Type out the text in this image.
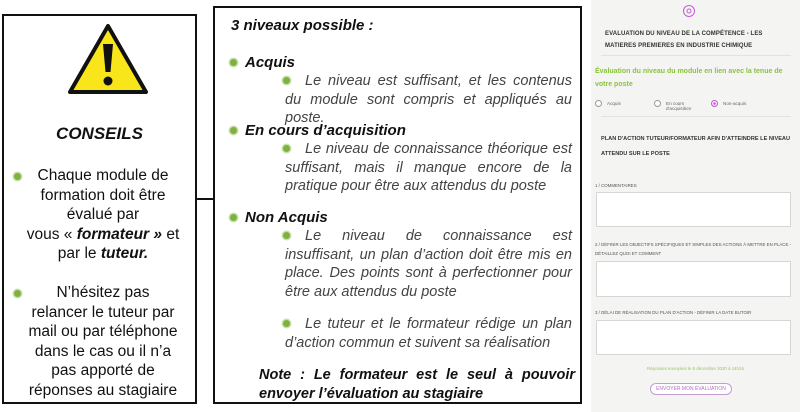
CONSEILS
Chaque module de
formation doit être
évalué par
vous « formateur » et
par le tuteur.
N’hésitez pas
relancer le tuteur par
mail ou par téléphone
dans le cas ou il n’a
pas apporté de
réponses au stagiaire
3 niveaux possible :
Acquis
Le niveau est suffisant, et les contenus du module sont compris et appliqués au poste.
En cours d’acquisition
Le niveau de connaissance théorique est suffisant, mais il manque encore de la pratique pour être aux attendus du poste
Non Acquis
Le niveau de connaissance est insuffisant, un plan d’action doit être mis en place. Des points sont à perfectionner pour être aux attendus du poste
Le tuteur et le formateur rédige un plan d’action commun et suivent sa réalisation
Note : Le formateur est le seul à pouvoir envoyer l’évaluation au stagiaire
EVALUATION DU NIVEAU DE LA COMPÉTENCE - LES MATIERES PREMIERES EN INDUSTRIE CHIMIQUE
Évaluation du niveau du module en lien avec la tenue de votre poste
Acquis	En cours d'acquisition
Non-acquis
PLAN D'ACTION TUTEUR/FORMATEUR AFIN D'ATTEINDRE LE NIVEAU ATTENDU SUR LE POSTE
1 / COMMENTAIRES
2 / DÉFINIR LES OBJECTIFS SPÉCIFIQUES ET SIMPLES DES ACTIONS À METTRE EN PLACE - DÉTAILLEZ QUOI ET COMMENT
3 / DÉLAI DE RÉALISATION DU PLAN D'ACTION - DÉFINIR LA DATE BUTOIR
Réponses envoyées le 8 décembre 2020 à 14h16
ENVOYER MON ÉVALUATION
